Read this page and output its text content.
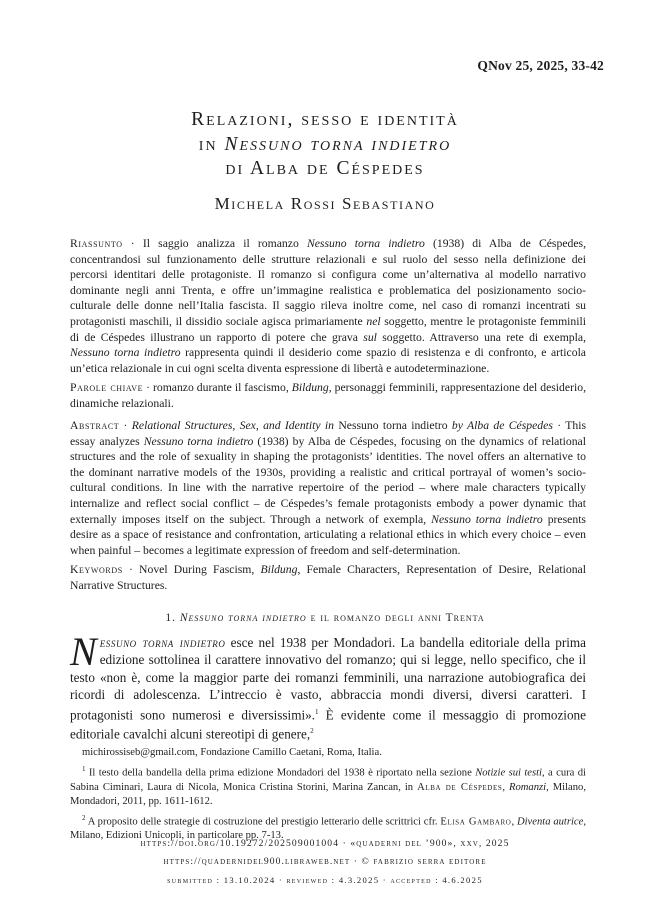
QNov 25, 2025, 33-42
Relazioni, sesso e identità
in Nessuno torna indietro
di Alba de Céspedes
Michela Rossi Sebastiano
Riassunto · Il saggio analizza il romanzo Nessuno torna indietro (1938) di Alba de Céspedes, concentrandosi sul funzionamento delle strutture relazionali e sul ruolo del sesso nella definizione dei percorsi identitari delle protagoniste. Il romanzo si configura come un’alternativa al modello narrativo dominante negli anni Trenta, e offre un’immagine realistica e problematica del posizionamento socio-culturale delle donne nell’Italia fascista. Il saggio rileva inoltre come, nel caso di romanzi incentrati su protagonisti maschili, il dissidio sociale agisca primariamente nel soggetto, mentre le protagoniste femminili di de Céspedes illustrano un rapporto di potere che grava sul soggetto. Attraverso una rete di exempla, Nessuno torna indietro rappresenta quindi il desiderio come spazio di resistenza e di confronto, e articola un’etica relazionale in cui ogni scelta diventa espressione di libertà e autodeterminazione.
Parole chiave · romanzo durante il fascismo, Bildung, personaggi femminili, rappresentazione del desiderio, dinamiche relazionali.
Abstract · Relational Structures, Sex, and Identity in Nessuno torna indietro by Alba de Céspedes · This essay analyzes Nessuno torna indietro (1938) by Alba de Céspedes, focusing on the dynamics of relational structures and the role of sexuality in shaping the protagonists’ identities. The novel offers an alternative to the dominant narrative models of the 1930s, providing a realistic and critical portrayal of women’s socio-cultural conditions. In line with the narrative repertoire of the period – where male characters typically internalize and reflect social conflict – de Céspedes’s female protagonists embody a power dynamic that externally imposes itself on the subject. Through a network of exempla, Nessuno torna indietro presents desire as a space of resistance and confrontation, articulating a relational ethics in which every choice – even when painful – becomes a legitimate expression of freedom and self-determination.
Keywords · Novel During Fascism, Bildung, Female Characters, Representation of Desire, Relational Narrative Structures.
1. Nessuno torna indietro e il romanzo degli anni Trenta
Nessuno torna indietro esce nel 1938 per Mondadori. La bandella editoriale della prima edizione sottolinea il carattere innovativo del romanzo; qui si legge, nello specifico, che il testo «non è, come la maggior parte dei romanzi femminili, una narrazione autobiografica dei ricordi di adolescenza. L’intreccio è vasto, abbraccia mondi diversi, diversi caratteri. I protagonisti sono numerosi e diversissimi».$^1$ È evidente come il messaggio di promozione editoriale cavalchi alcuni stereotipi di genere,$^2$

michirossiseb@gmail.com, Fondazione Camillo Caetani, Roma, Italia.

$^1$ Il testo della bandella della prima edizione Mondadori del 1938 è riportato nella sezione Notizie sui testi, a cura di Sabina Ciminari, Laura di Nicola, Monica Cristina Storini, Marina Zancan, in Alba de Céspedes, Romanzi, Milano, Mondadori, 2011, pp. 1611-1612.

$^2$ A proposito delle strategie di costruzione del prestigio letterario delle scrittrici cfr. Elisa Gambaro, Diventa autrice, Milano, Edizioni Unicopli, in particolare pp. 7-13.

https://doi.org/10.19272/202509001004 · «quaderni del ’900», xxv, 2025
https://quadernidel900.libraweb.net · © fabrizio serra editore
submitted : 13.10.2024 · reviewed : 4.3.2025 · accepted : 4.6.2025
